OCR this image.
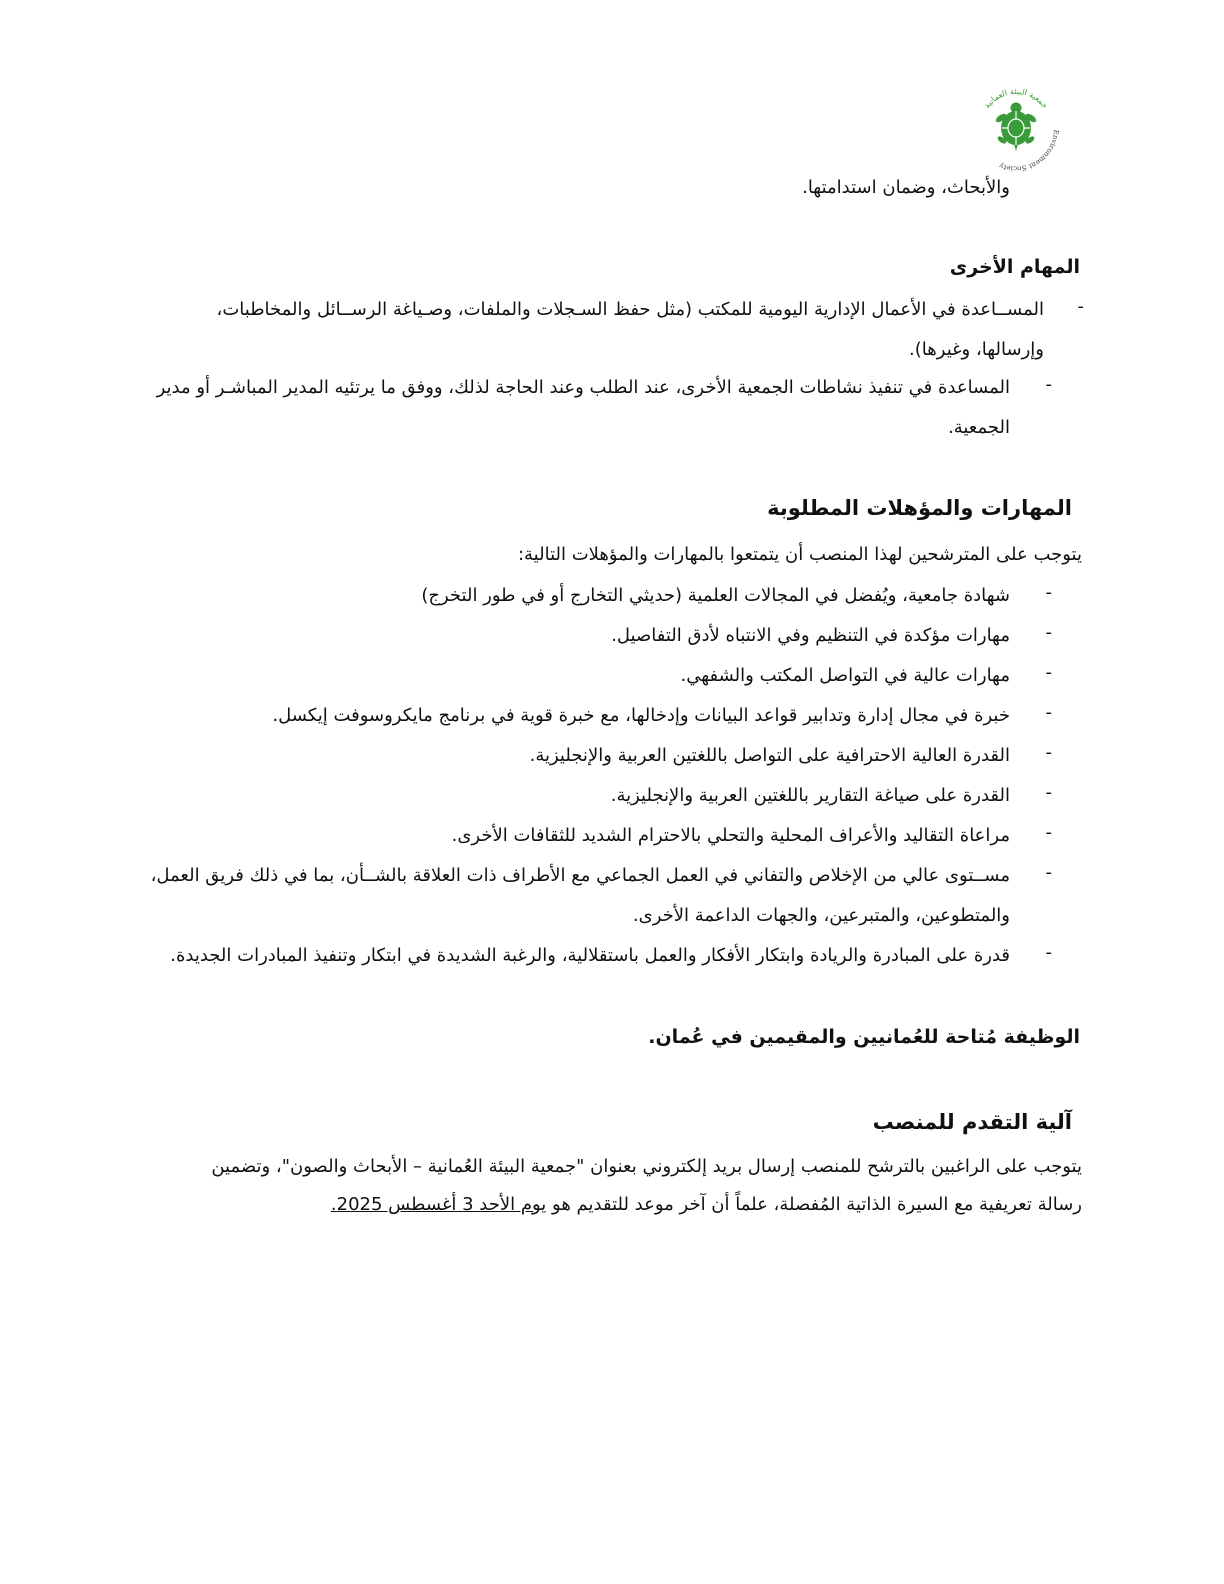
جمعية البيئة العمانية
Environment Society
والأبحاث، وضمان استدامتها.
المهام الأخرى
-
المســاعدة في الأعمال الإدارية اليومية للمكتب (مثل حفظ السـجلات والملفات، وصـياغة الرســائل والمخاطبات،
وإرسالها، وغيرها).
-
المساعدة في تنفيذ نشاطات الجمعية الأخرى، عند الطلب وعند الحاجة لذلك، ووفق ما يرتئيه المدير المباشـر أو مدير
الجمعية.
المهارات والمؤهلات المطلوبة
يتوجب على المترشحين لهذا المنصب أن يتمتعوا بالمهارات والمؤهلات التالية:
-
شهادة جامعية، ويُفضل في المجالات العلمية (حديثي التخارج أو في طور التخرج)
-
مهارات مؤكدة في التنظيم وفي الانتباه لأدق التفاصيل.
-
مهارات عالية في التواصل المكتب والشفهي.
-
خبرة في مجال إدارة وتدابير قواعد البيانات وإدخالها، مع خبرة قوية في برنامج مايكروسوفت إيكسل.
-
القدرة العالية الاحترافية على التواصل باللغتين العربية والإنجليزية.
-
القدرة على صياغة التقارير باللغتين العربية والإنجليزية.
-
مراعاة التقاليد والأعراف المحلية والتحلي بالاحترام الشديد للثقافات الأخرى.
-
مســتوى عالي من الإخلاص والتفاني في العمل الجماعي مع الأطراف ذات العلاقة بالشــأن، بما في ذلك فريق العمل،
والمتطوعين، والمتبرعين، والجهات الداعمة الأخرى.
-
قدرة على المبادرة والريادة وابتكار الأفكار والعمل باستقلالية، والرغبة الشديدة في ابتكار وتنفيذ المبادرات الجديدة.
الوظيفة مُتاحة للعُمانيين والمقيمين في عُمان.
آلية التقدم للمنصب
يتوجب على الراغبين بالترشح للمنصب إرسال بريد إلكتروني بعنوان "جمعية البيئة العُمانية – الأبحاث والصون"، وتضمين
رسالة تعريفية مع السيرة الذاتية المُفصلة، علماً أن آخر موعد للتقديم هو يوم الأحد 3 أغسطس 2025.
